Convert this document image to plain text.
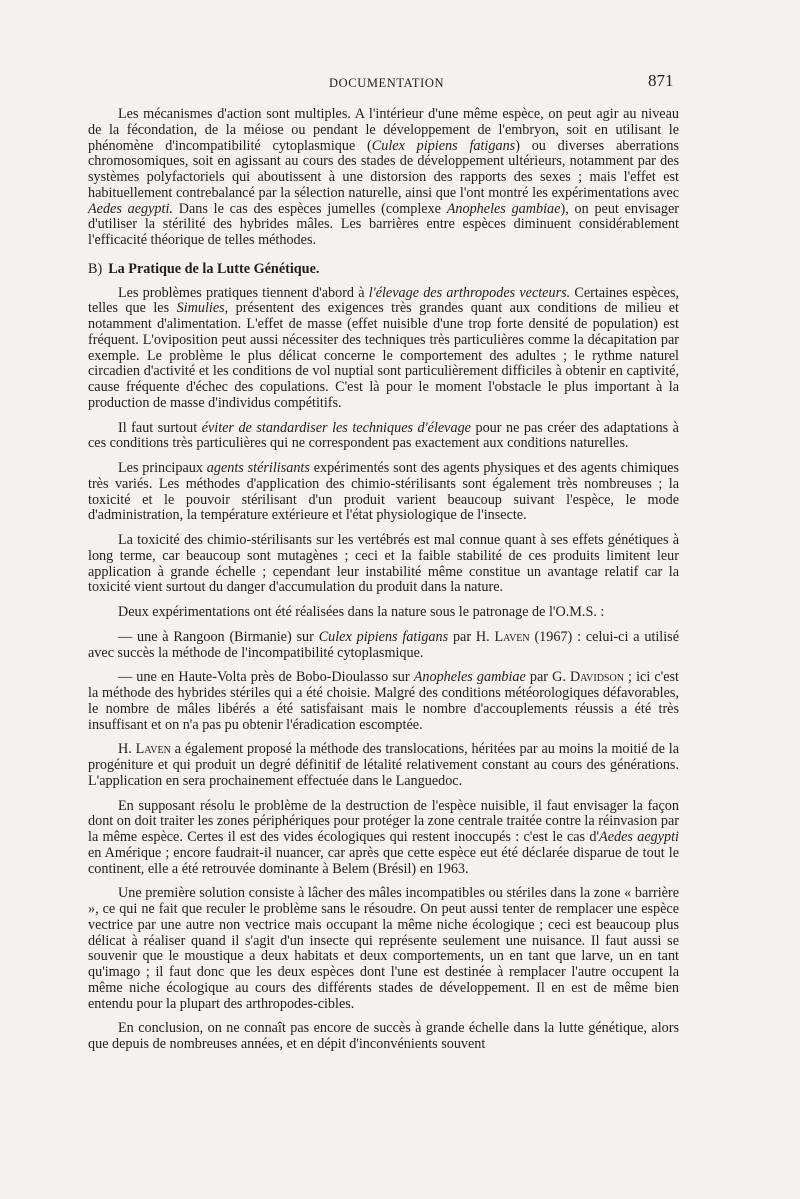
DOCUMENTATION	871

Les mécanismes d'action sont multiples. A l'intérieur d'une même espèce, on peut agir au niveau de la fécondation, de la méiose ou pendant le développement de l'embryon, soit en utilisant le phénomène d'incompatibilité cytoplasmique (Culex pipiens fatigans) ou diverses aberrations chromosomiques, soit en agissant au cours des stades de développement ultérieurs, notamment par des systèmes polyfactoriels qui aboutissent à une distorsion des rapports des sexes ; mais l'effet est habituellement contrebalancé par la sélection naturelle, ainsi que l'ont montré les expérimentations avec Aedes aegypti. Dans le cas des espèces jumelles (complexe Anopheles gambiae), on peut envisager d'utiliser la stérilité des hybrides mâles. Les barrières entre espèces diminuent considérablement l'efficacité théorique de telles méthodes.

B) La Pratique de la Lutte Génétique.

Les problèmes pratiques tiennent d'abord à l'élevage des arthropodes vecteurs. Certaines espèces, telles que les Simulies, présentent des exigences très grandes quant aux conditions de milieu et notamment d'alimentation. L'effet de masse (effet nuisible d'une trop forte densité de population) est fréquent. L'oviposition peut aussi nécessiter des techniques très particulières comme la décapitation par exemple. Le problème le plus délicat concerne le comportement des adultes ; le rythme naturel circadien d'activité et les conditions de vol nuptial sont particulièrement difficiles à obtenir en captivité, cause fréquente d'échec des copulations. C'est là pour le moment l'obstacle le plus important à la production de masse d'individus compétitifs.

Il faut surtout éviter de standardiser les techniques d'élevage pour ne pas créer des adaptations à ces conditions très particulières qui ne correspondent pas exactement aux conditions naturelles.

Les principaux agents stérilisants expérimentés sont des agents physiques et des agents chimiques très variés. Les méthodes d'application des chimio-stérilisants sont également très nombreuses ; la toxicité et le pouvoir stérilisant d'un produit varient beaucoup suivant l'espèce, le mode d'administration, la température extérieure et l'état physiologique de l'insecte.

La toxicité des chimio-stérilisants sur les vertébrés est mal connue quant à ses effets génétiques à long terme, car beaucoup sont mutagènes ; ceci et la faible stabilité de ces produits limitent leur application à grande échelle ; cependant leur instabilité même constitue un avantage relatif car la toxicité vient surtout du danger d'accumulation du produit dans la nature.

Deux expérimentations ont été réalisées dans la nature sous le patronage de l'O.M.S. :

— une à Rangoon (Birmanie) sur Culex pipiens fatigans par H. Laven (1967) : celui-ci a utilisé avec succès la méthode de l'incompatibilité cytoplasmique.

— une en Haute-Volta près de Bobo-Dioulasso sur Anopheles gambiae par G. Davidson ; ici c'est la méthode des hybrides stériles qui a été choisie. Malgré des conditions météorologiques défavorables, le nombre de mâles libérés a été satisfaisant mais le nombre d'accouplements réussis a été très insuffisant et on n'a pas pu obtenir l'éradication escomptée.

H. Laven a également proposé la méthode des translocations, héritées par au moins la moitié de la progéniture et qui produit un degré définitif de létalité relativement constant au cours des générations. L'application en sera prochainement effectuée dans le Languedoc.

En supposant résolu le problème de la destruction de l'espèce nuisible, il faut envisager la façon dont on doit traiter les zones périphériques pour protéger la zone centrale traitée contre la réinvasion par la même espèce. Certes il est des vides écologiques qui restent inoccupés : c'est le cas d'Aedes aegypti en Amérique ; encore faudrait-il nuancer, car après que cette espèce eut été déclarée disparue de tout le continent, elle a été retrouvée dominante à Belem (Brésil) en 1963.

Une première solution consiste à lâcher des mâles incompatibles ou stériles dans la zone « barrière », ce qui ne fait que reculer le problème sans le résoudre. On peut aussi tenter de remplacer une espèce vectrice par une autre non vectrice mais occupant la même niche écologique ; ceci est beaucoup plus délicat à réaliser quand il s'agit d'un insecte qui représente seulement une nuisance. Il faut aussi se souvenir que le moustique a deux habitats et deux comportements, un en tant que larve, un en tant qu'imago ; il faut donc que les deux espèces dont l'une est destinée à remplacer l'autre occupent la même niche écologique au cours des différents stades de développement. Il en est de même bien entendu pour la plupart des arthropodes-cibles.

En conclusion, on ne connaît pas encore de succès à grande échelle dans la lutte génétique, alors que depuis de nombreuses années, et en dépit d'inconvénients souvent
